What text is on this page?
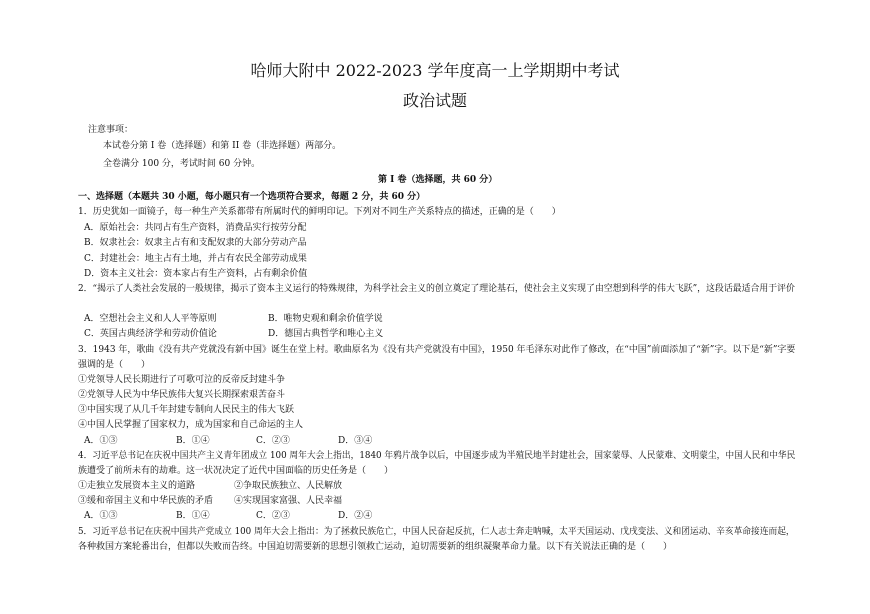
哈师大附中 2022-2023 学年度高一上学期期中考试
政治试题
注意事项：
本试卷分第 I 卷（选择题）和第 II 卷（非选择题）两部分。
全卷满分 100 分，考试时间 60 分钟。
第 I 卷（选择题，共 60 分）
一、选择题（本题共 30 小题，每小题只有一个选项符合要求，每题 2 分，共 60 分）
1．历史犹如一面镜子，每一种生产关系都带有所属时代的鲜明印记。下列对不同生产关系特点的描述，正确的是（　　）
A．原始社会：共同占有生产资料，消费品实行按劳分配
B．奴隶社会：奴隶主占有和支配奴隶的大部分劳动产品
C．封建社会：地主占有土地，并占有农民全部劳动成果
D．资本主义社会：资本家占有生产资料，占有剩余价值
2．“揭示了人类社会发展的一般规律，揭示了资本主义运行的特殊规律，为科学社会主义的创立奠定了理论基石，使社会主义实现了由空想到科学的伟大飞跃”，这段话最适合用于评价
A．空想社会主义和人人平等原则	B．唯物史观和剩余价值学说
C．英国古典经济学和劳动价值论	D．德国古典哲学和唯心主义
3．1943 年，歌曲《没有共产党就没有新中国》诞生在堂上村。歌曲原名为《没有共产党就没有中国》，1950 年毛泽东对此作了修改，在“中国”前面添加了“新”字。以下是“新”字要
强调的是（　　）
①党领导人民长期进行了可歌可泣的反帝反封建斗争
②党领导人民为中华民族伟大复兴长期探索艰苦奋斗
③中国实现了从几千年封建专制向人民民主的伟大飞跃
④中国人民掌握了国家权力，成为国家和自己命运的主人
A．①③	B．①④	C．②③	D．③④
4．习近平总书记在庆祝中国共产主义青年团成立 100 周年大会上指出，1840 年鸦片战争以后，中国逐步成为半殖民地半封建社会，国家蒙辱、人民蒙难、文明蒙尘，中国人民和中华民
族遭受了前所未有的劫难。这一状况决定了近代中国面临的历史任务是（　　）
①走独立发展资本主义的道路	②争取民族独立、人民解放
③缓和帝国主义和中华民族的矛盾 ④实现国家富强、人民幸福
A．①③	B．①④	C．②③	D．②④
5．习近平总书记在庆祝中国共产党成立 100 周年大会上指出：为了拯救民族危亡，中国人民奋起反抗，仁人志士奔走呐喊，太平天国运动、戊戌变法、义和团运动、辛亥革命接连而起，
各种救国方案轮番出台，但都以失败而告终。中国迫切需要新的思想引领救亡运动，迫切需要新的组织凝聚革命力量。以下有关说法正确的是（　　）
